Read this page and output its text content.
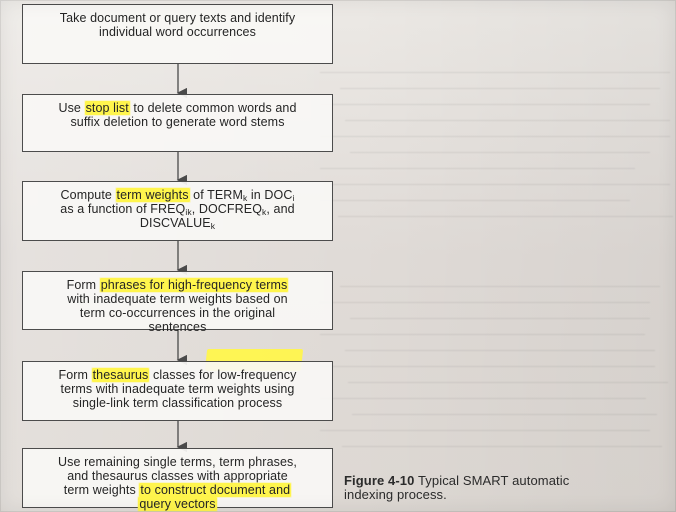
Take document or query texts and identify
individual word occurrences
Use stop list to delete common words and
suffix deletion to generate word stems
Compute term weights of $TERM_k$ in $DOC_i$
as a function of $FREQ_{ik}$, $DOCFREQ_k$, and
$DISCVALUE_k$
Form phrases for high-frequency terms
with inadequate term weights based on
term co-occurrences in the original
sentences
Form thesaurus classes for low-frequency
terms with inadequate term weights using
single-link term classification process
Use remaining single terms, term phrases,
and thesaurus classes with appropriate
term weights to construct document and
query vectors
Figure 4-10 Typical SMART automatic
indexing process.
